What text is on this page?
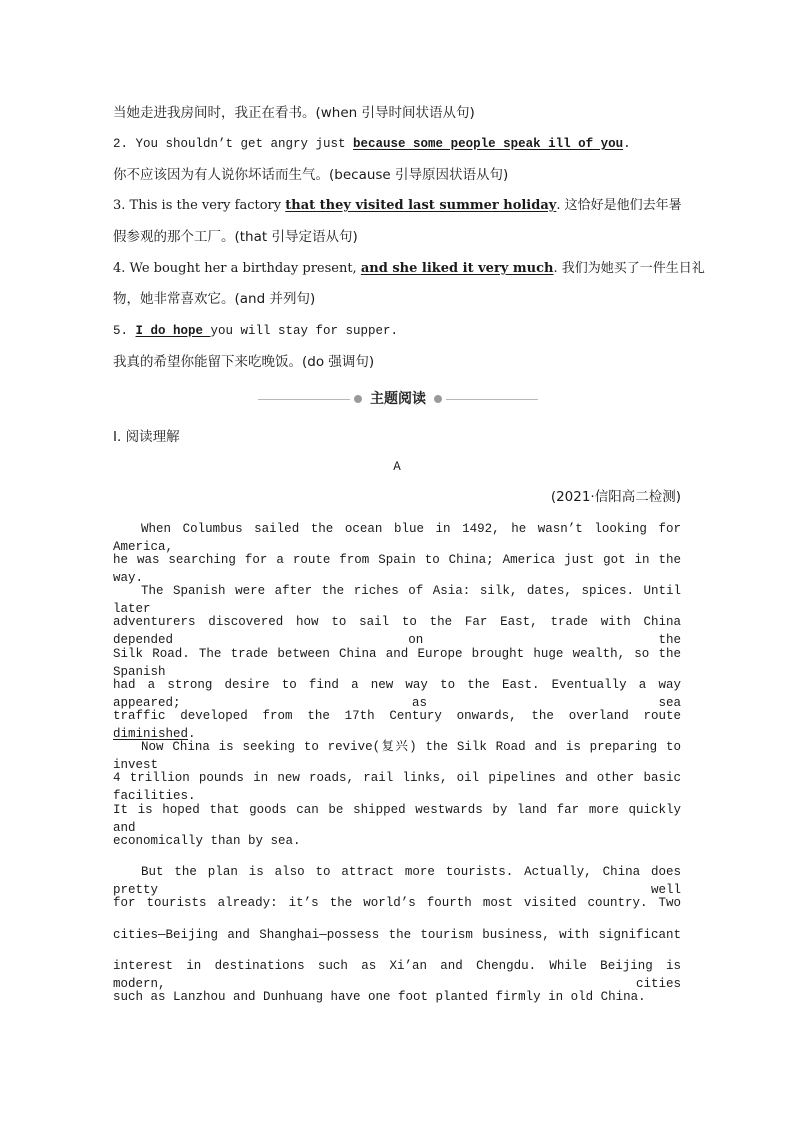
当她走进我房间时，我正在看书。(when 引导时间状语从句)
2. You shouldn’t get angry just because some people speak ill of you.
你不应该因为有人说你坏话而生气。(because 引导原因状语从句)
3. This is the very factory that they visited last summer holiday. 这恰好是他们去年暑
假参观的那个工厂。(that 引导定语从句)
4. We bought her a birthday present, and she liked it very much. 我们为她买了一件生日礼
物，她非常喜欢它。(and 并列句)
5. I do hope you will stay for supper.
我真的希望你能留下来吃晚饭。(do 强调句)
主题阅读
Ⅰ. 阅读理解
A
(2021·信阳高二检测)
When Columbus sailed the ocean blue in 1492, he wasn’t looking for America,
he was searching for a route from Spain to China; America just got in the way.
The Spanish were after the riches of Asia: silk, dates, spices. Until later
adventurers discovered how to sail to the Far East, trade with China depended on the
Silk Road. The trade between China and Europe brought huge wealth, so the Spanish
had a strong desire to find a new way to the East. Eventually a way appeared; as sea
traffic developed from the 17th Century onwards, the overland route diminished.
Now China is seeking to revive(复兴) the Silk Road and is preparing to invest
4 trillion pounds in new roads, rail links, oil pipelines and other basic facilities.
It is hoped that goods can be shipped westwards by land far more quickly and
economically than by sea.
But the plan is also to attract more tourists. Actually, China does pretty well
for tourists already: it’s the world’s fourth most visited country. Two
cities—Beijing and Shanghai—possess the tourism business, with significant
interest in destinations such as Xi’an and Chengdu. While Beijing is modern, cities
such as Lanzhou and Dunhuang have one foot planted firmly in old China.
